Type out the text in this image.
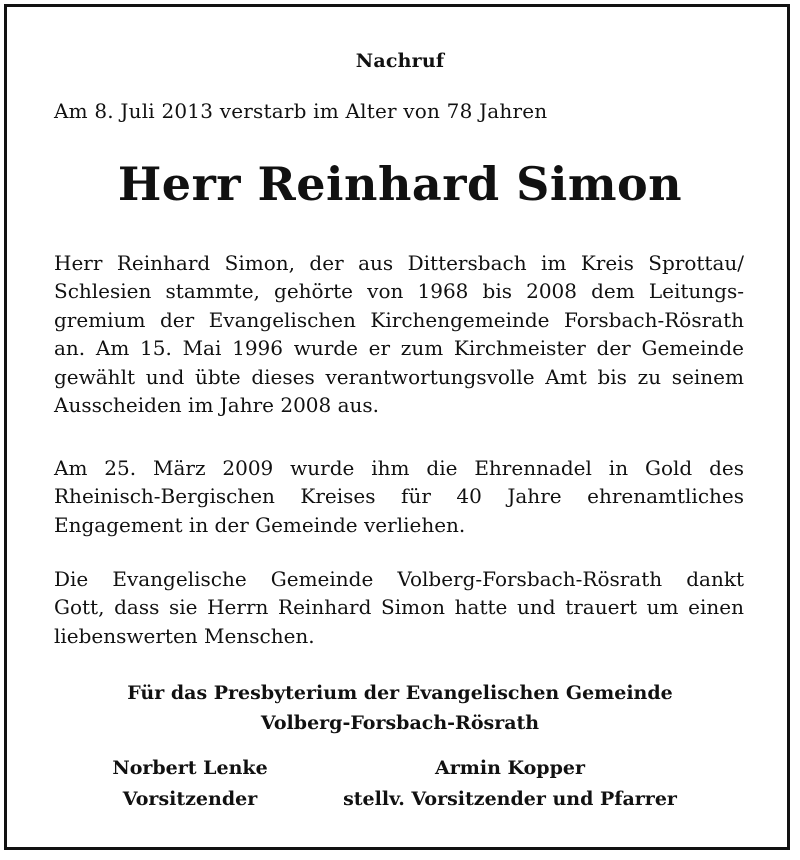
Nachruf
Am 8. Juli 2013 verstarb im Alter von 78 Jahren
Herr Reinhard Simon
Herr Reinhard Simon, der aus Dittersbach im Kreis Sprottau/
Schlesien stammte, gehörte von 1968 bis 2008 dem Leitungs-
gremium der Evangelischen Kirchengemeinde Forsbach-Rösrath
an. Am 15. Mai 1996 wurde er zum Kirchmeister der Gemeinde
gewählt und übte dieses verantwortungsvolle Amt bis zu seinem
Ausscheiden im Jahre 2008 aus.
Am 25. März 2009 wurde ihm die Ehrennadel in Gold des
Rheinisch-Bergischen Kreises für 40 Jahre ehrenamtliches
Engagement in der Gemeinde verliehen.
Die Evangelische Gemeinde Volberg-Forsbach-Rösrath dankt
Gott, dass sie Herrn Reinhard Simon hatte und trauert um einen
liebenswerten Menschen.
Für das Presbyterium der Evangelischen Gemeinde
Volberg-Forsbach-Rösrath
Norbert Lenke
Vorsitzender
Armin Kopper
stellv. Vorsitzender und Pfarrer
